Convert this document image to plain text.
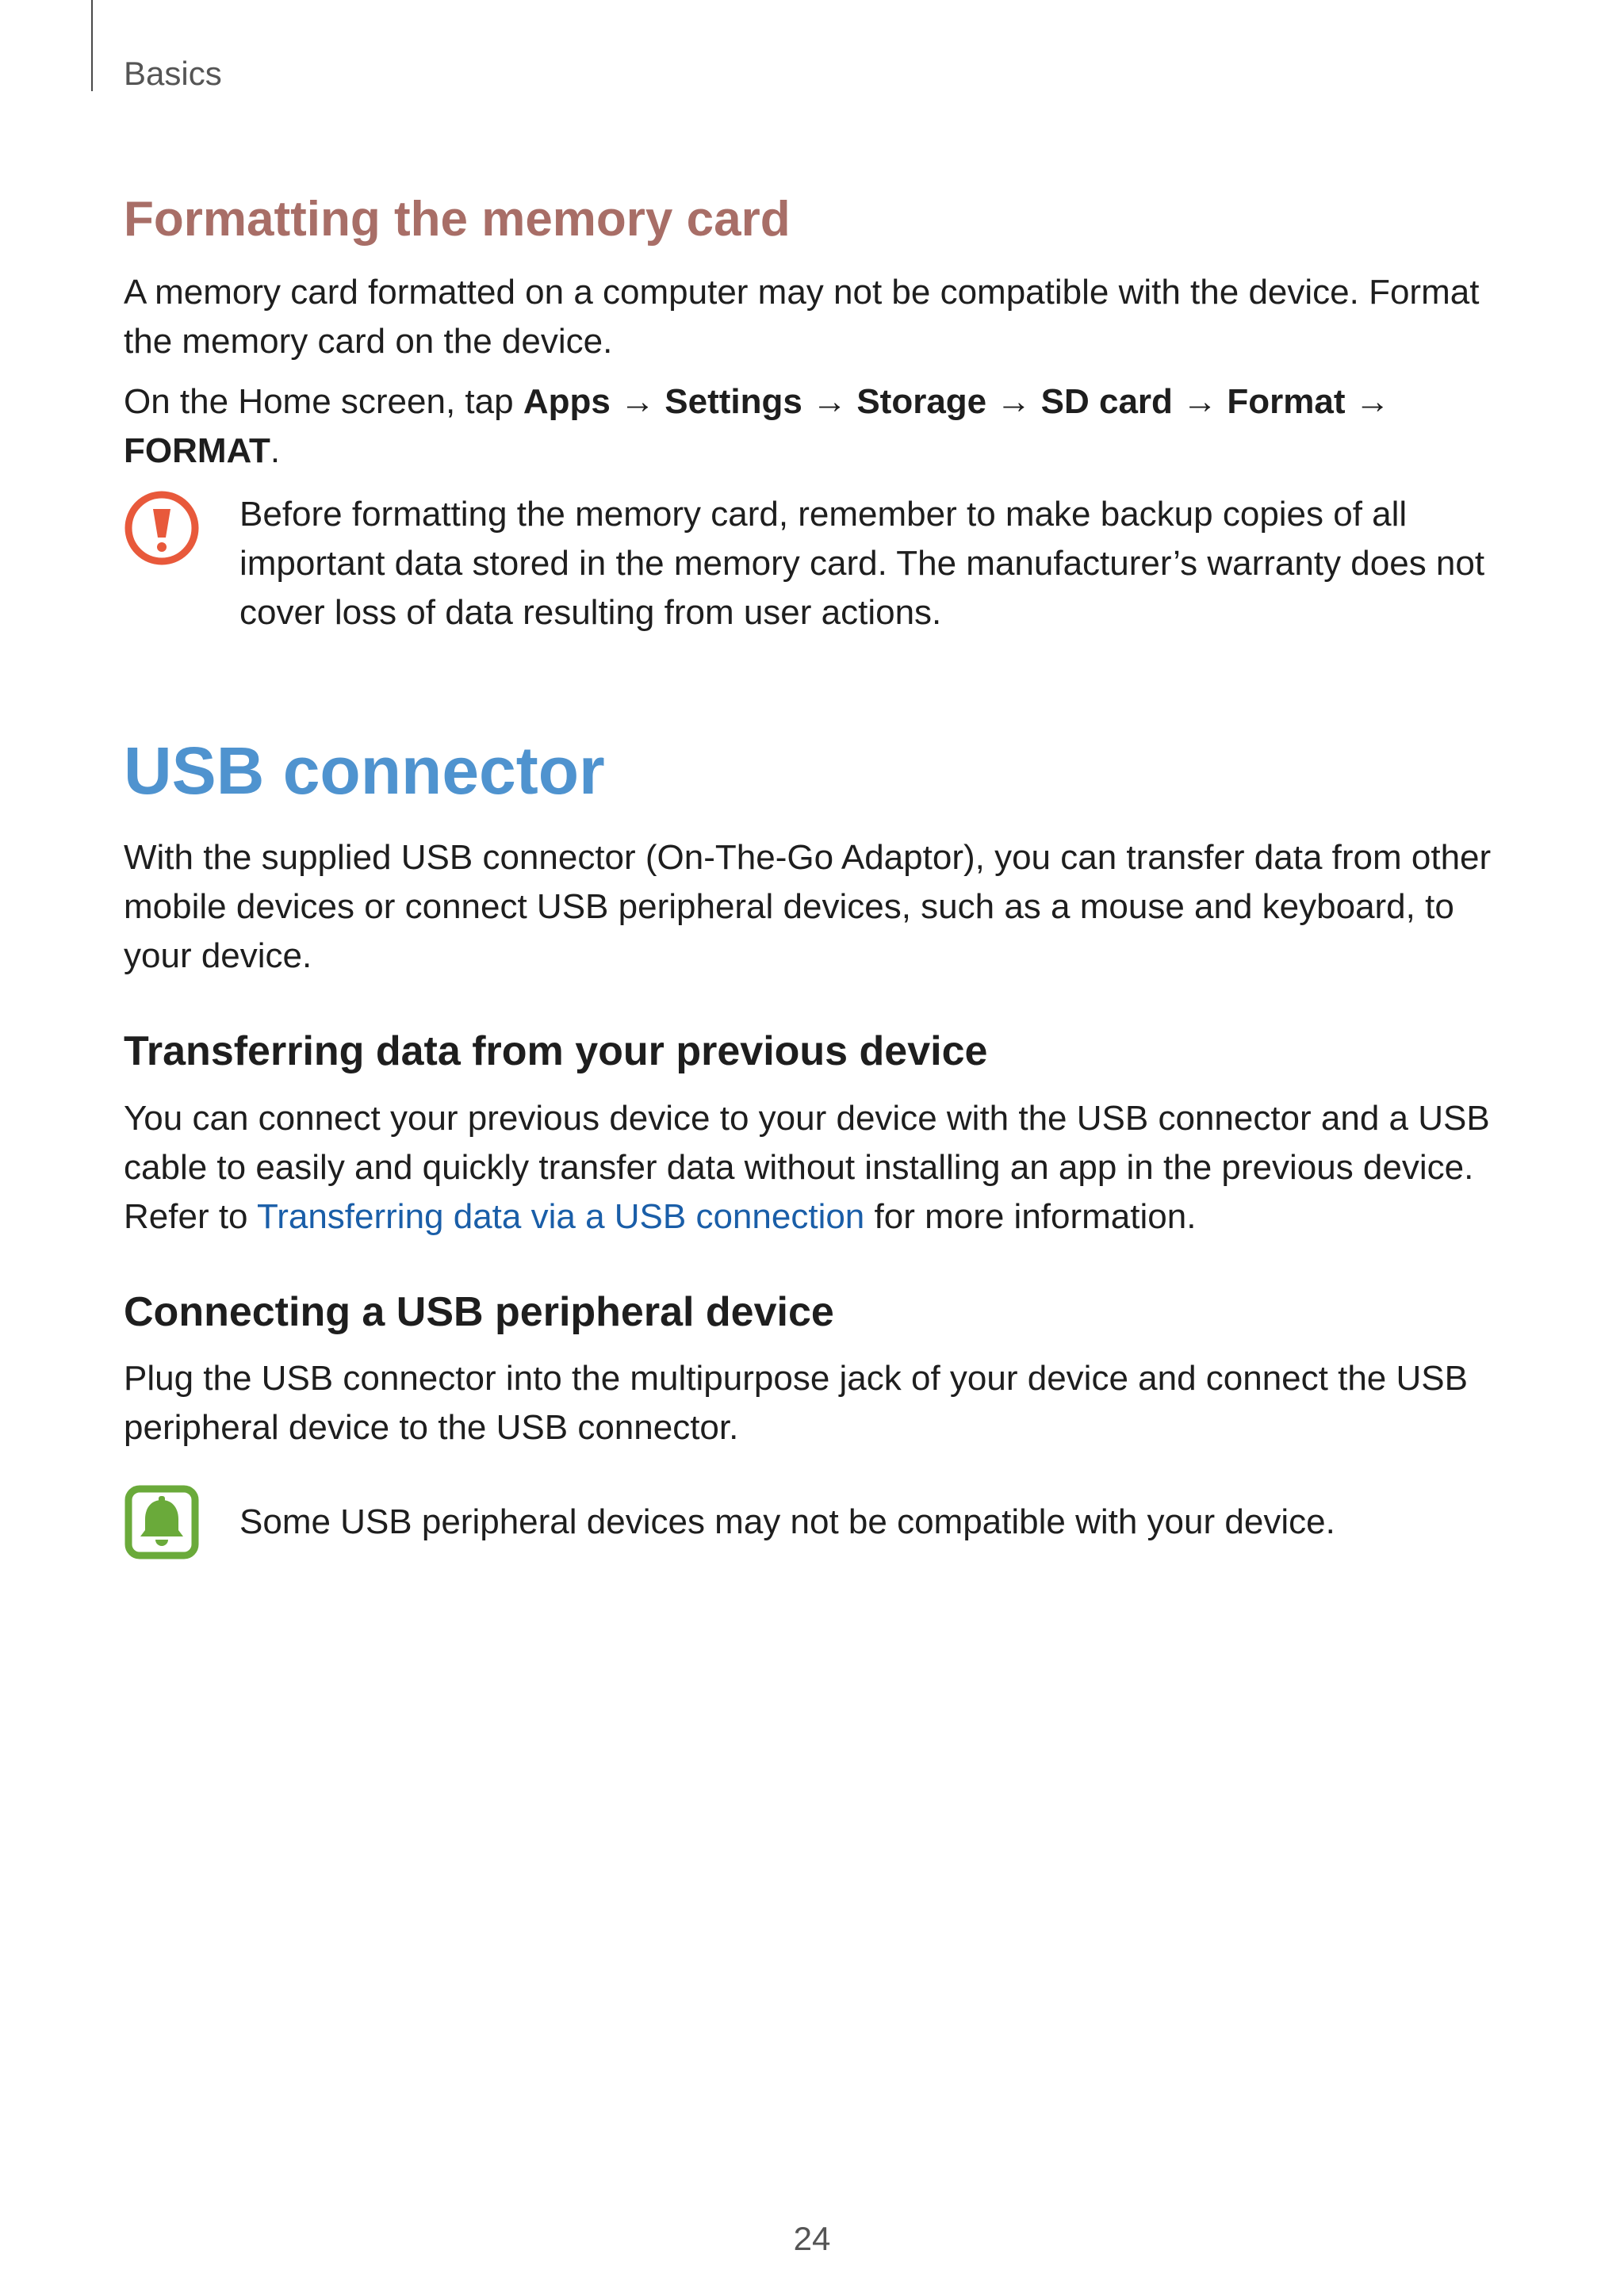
Basics
Formatting the memory card

A memory card formatted on a computer may not be compatible with the device. Format the memory card on the device.

On the Home screen, tap Apps → Settings → Storage → SD card → Format → FORMAT.

Before formatting the memory card, remember to make backup copies of all important data stored in the memory card. The manufacturer’s warranty does not cover loss of data resulting from user actions.

USB connector

With the supplied USB connector (On-The-Go Adaptor), you can transfer data from other mobile devices or connect USB peripheral devices, such as a mouse and keyboard, to your device.

Transferring data from your previous device

You can connect your previous device to your device with the USB connector and a USB cable to easily and quickly transfer data without installing an app in the previous device. Refer to Transferring data via a USB connection for more information.

Connecting a USB peripheral device

Plug the USB connector into the multipurpose jack of your device and connect the USB peripheral device to the USB connector.

Some USB peripheral devices may not be compatible with your device.

24
